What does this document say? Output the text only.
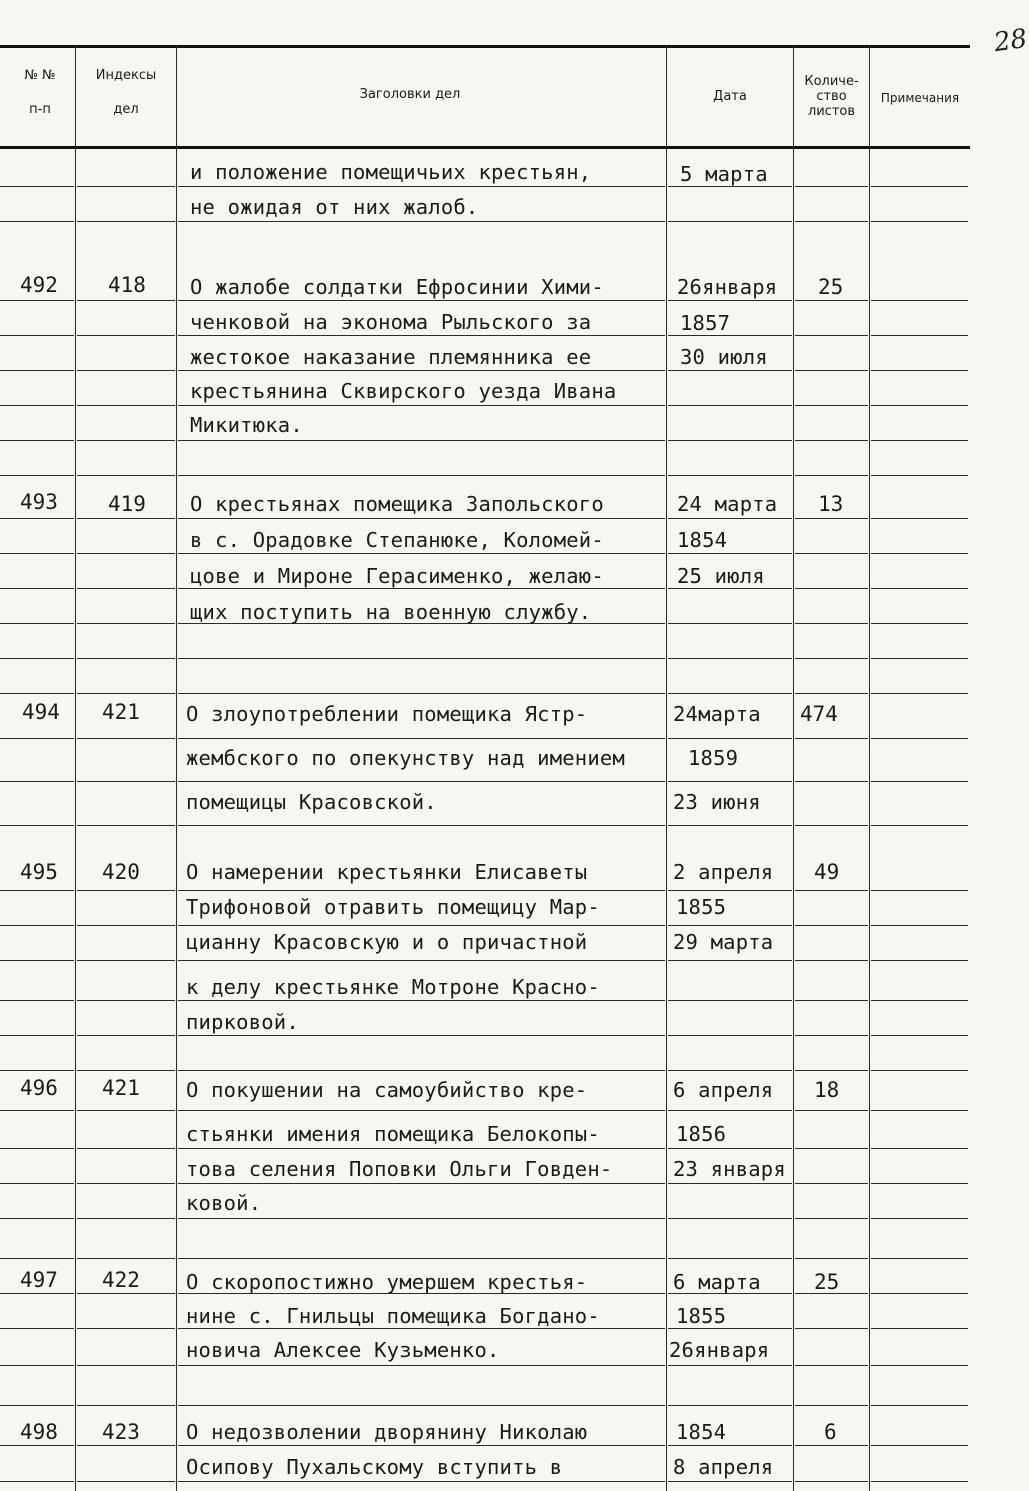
28
№ №
п-п
Индексы
дел
Заголовки дел	Дата
Количе-
ство
листов
Примечания
и положение помещичьих крестьян,
не ожидая от них жалоб.
5 марта
492 418 О жалобе солдатки Ефросинии Хими-
ченковой на эконома Рыльского за
жестокое наказание племянника ее
крестьянина Сквирского уезда Ивана
Микитюка.
26января
1857
30 июля
25
493 419 О крестьянах помещика Запольского
в с. Орадовке Степанюке, Коломей-
цове и Мироне Герасименко, желаю-
щих поступить на военную службу.
24 марта
1854
25 июля
13
494 421 О злоупотреблении помещика Ястр-
жембского по опекунству над имением
помещицы Красовской.
24марта
1859
23 июня
474
495 420 О намерении крестьянки Елисаветы
Трифоновой отравить помещицу Мар-
цианну Красовскую и о причастной
к делу крестьянке Мотроне Красно-
пирковой.
2 апреля
1855
29 марта
49
496 421 О покушении на самоубийство кре-
стьянки имения помещика Белокопы-
това селения Поповки Ольги Говден-
ковой.
6 апреля
1856
23 января
18
497 422 О скоропостижно умершем крестья-
нине с. Гнильцы помещика Богдано-
новича Алексее Кузьменко.
6 марта
1855
26января
25
498 423 О недозволении дворянину Николаю
Осипову Пухальскому вступить в
1854
8 апреля
6
